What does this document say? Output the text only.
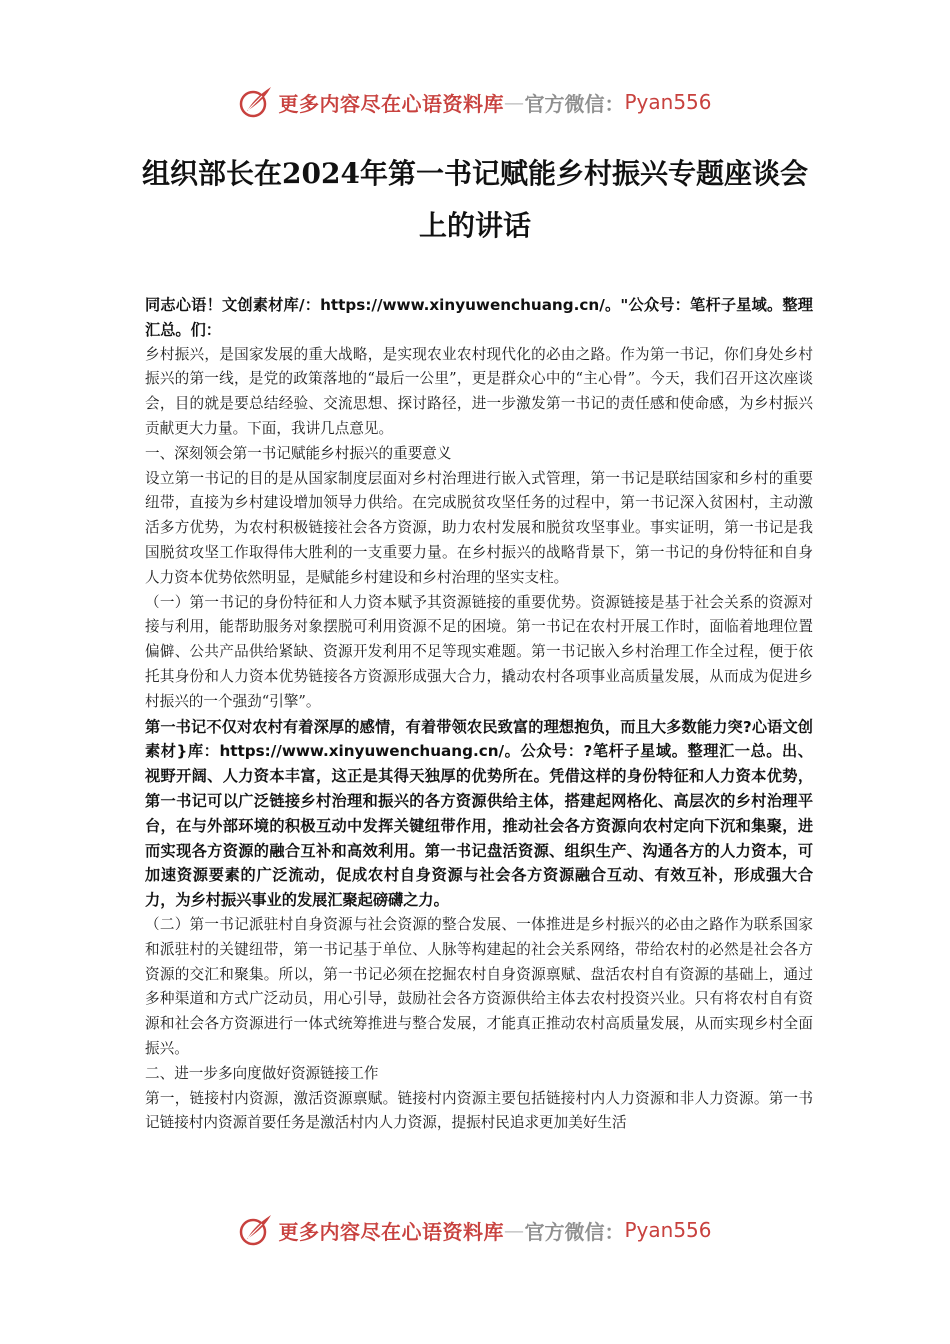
更多内容尽在心语资料库 — 官方微信： Pyan556
组织部长在2024年第一书记赋能乡村振兴专题座谈会上的讲话

同志心语！文创素材库/：https://www.xinyuwenchuang.cn/。"公众号：笔杆子星域。整理汇总。们：

乡村振兴，是国家发展的重大战略，是实现农业农村现代化的必由之路。作为第一书记，你们身处乡村振兴的第一线，是党的政策落地的“最后一公里”，更是群众心中的“主心骨”。今天，我们召开这次座谈会，目的就是要总结经验、交流思想、探讨路径，进一步激发第一书记的责任感和使命感，为乡村振兴贡献更大力量。下面，我讲几点意见。

一、深刻领会第一书记赋能乡村振兴的重要意义

设立第一书记的目的是从国家制度层面对乡村治理进行嵌入式管理，第一书记是联结国家和乡村的重要纽带，直接为乡村建设增加领导力供给。在完成脱贫攻坚任务的过程中，第一书记深入贫困村，主动激活多方优势，为农村积极链接社会各方资源，助力农村发展和脱贫攻坚事业。事实证明，第一书记是我国脱贫攻坚工作取得伟大胜利的一支重要力量。在乡村振兴的战略背景下，第一书记的身份特征和自身人力资本优势依然明显，是赋能乡村建设和乡村治理的坚实支柱。

（一）第一书记的身份特征和人力资本赋予其资源链接的重要优势。资源链接是基于社会关系的资源对接与利用，能帮助服务对象摆脱可利用资源不足的困境。第一书记在农村开展工作时，面临着地理位置偏僻、公共产品供给紧缺、资源开发利用不足等现实难题。第一书记嵌入乡村治理工作全过程，便于依托其身份和人力资本优势链接各方资源形成强大合力，撬动农村各项事业高质量发展，从而成为促进乡村振兴的一个强劲“引擎”。

第一书记不仅对农村有着深厚的感情，有着带领农民致富的理想抱负，而且大多数能力突?心语文创素材}库：https://www.xinyuwenchuang.cn/。公众号：?笔杆子星域。整理汇一总。出、视野开阔、人力资本丰富，这正是其得天独厚的优势所在。凭借这样的身份特征和人力资本优势，第一书记可以广泛链接乡村治理和振兴的各方资源供给主体，搭建起网格化、高层次的乡村治理平台，在与外部环境的积极互动中发挥关键纽带作用，推动社会各方资源向农村定向下沉和集聚，进而实现各方资源的融合互补和高效利用。第一书记盘活资源、组织生产、沟通各方的人力资本，可加速资源要素的广泛流动，促成农村自身资源与社会各方资源融合互动、有效互补，形成强大合力，为乡村振兴事业的发展汇聚起磅礴之力。

（二）第一书记派驻村自身资源与社会资源的整合发展、一体推进是乡村振兴的必由之路作为联系国家和派驻村的关键纽带，第一书记基于单位、人脉等构建起的社会关系网络，带给农村的必然是社会各方资源的交汇和聚集。所以，第一书记必须在挖掘农村自身资源禀赋、盘活农村自有资源的基础上，通过多种渠道和方式广泛动员，用心引导，鼓励社会各方资源供给主体去农村投资兴业。只有将农村自有资源和社会各方资源进行一体式统筹推进与整合发展，才能真正推动农村高质量发展，从而实现乡村全面振兴。

二、进一步多向度做好资源链接工作

第一，链接村内资源，激活资源禀赋。链接村内资源主要包括链接村内人力资源和非人力资源。第一书记链接村内资源首要任务是激活村内人力资源，提振村民追求更加美好生活

更多内容尽在心语资料库 — 官方微信： Pyan556
